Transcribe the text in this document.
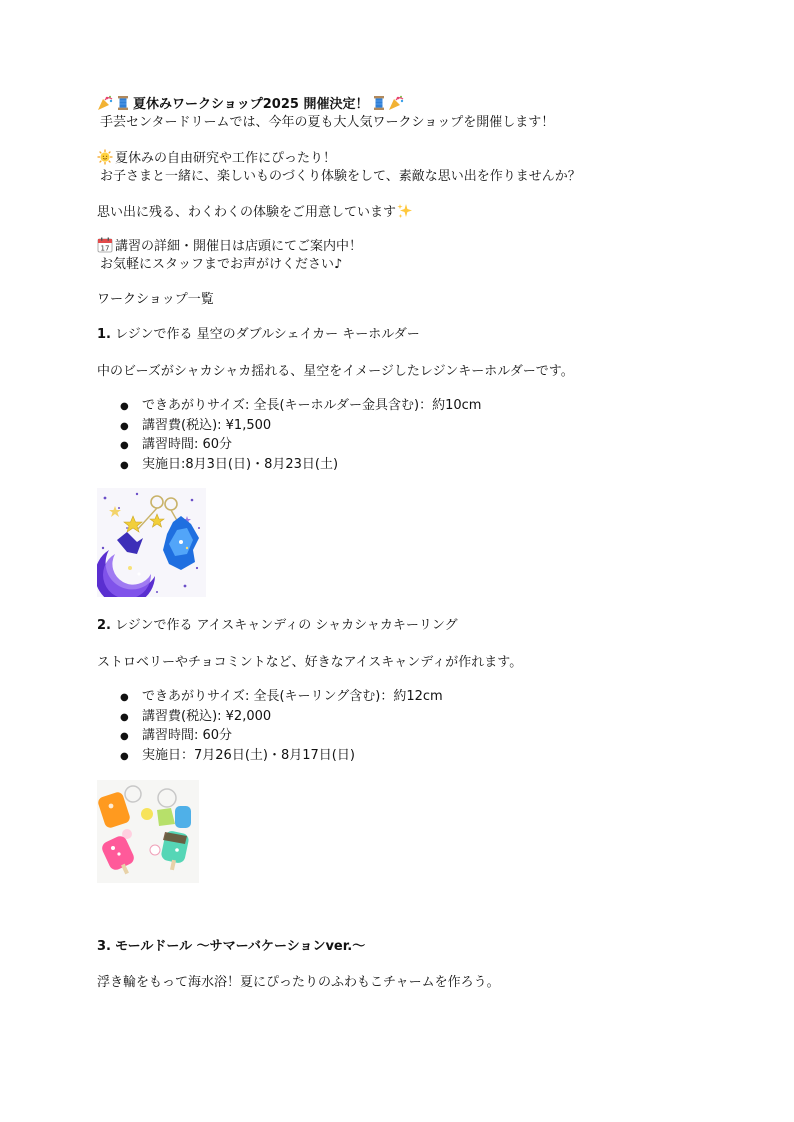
夏休みワークショップ2025 開催決定！
手芸センタードリームでは、今年の夏も大人気ワークショップを開催します！
夏休みの自由研究や工作にぴったり！
お子さまと一緒に、楽しいものづくり体験をして、素敵な思い出を作りませんか？
思い出に残る、わくわくの体験をご用意しています
17 講習の詳細・開催日は店頭にてご案内中！
お気軽にスタッフまでお声がけください♪
ワークショップ一覧
1. レジンで作る 星空のダブルシェイカー キーホルダー
中のビーズがシャカシャカ揺れる、星空をイメージしたレジンキーホルダーです。
● できあがりサイズ: 全長(キーホルダー金具含む)：約10cm
● 講習費(税込): ¥1,500
● 講習時間: 60分
● 実施日:8月3日(日)・8月23日(土)
2. レジンで作る アイスキャンディの シャカシャカキーリング
ストロベリーやチョコミントなど、好きなアイスキャンディが作れます。
● できあがりサイズ: 全長(キーリング含む)：約12cm
● 講習費(税込): ¥2,000
● 講習時間: 60分
● 実施日：7月26日(土)・8月17日(日)
3. モールドール 〜サマーバケーションver.〜
浮き輪をもって海水浴！夏にぴったりのふわもこチャームを作ろう。
